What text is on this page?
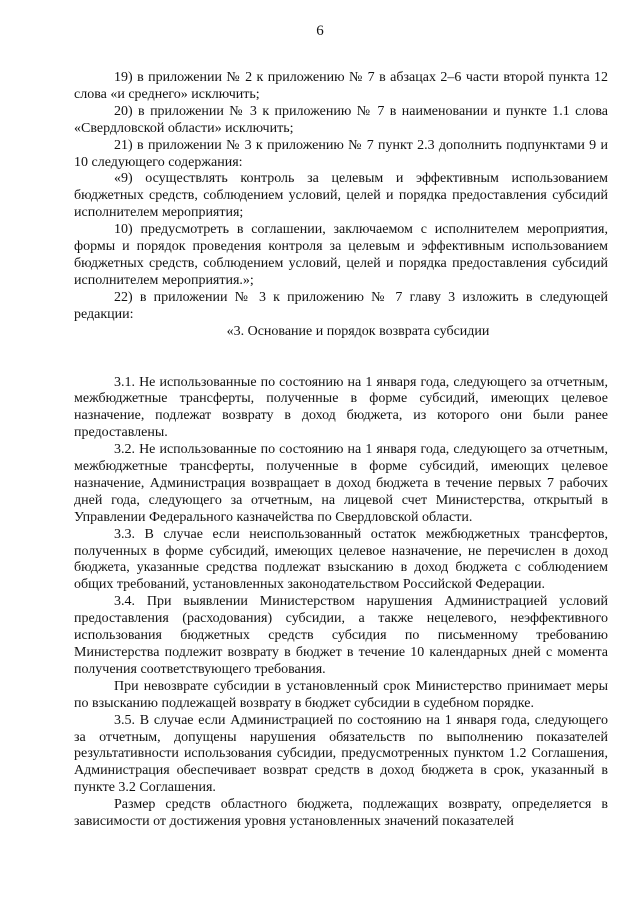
6

19) в приложении № 2 к приложению № 7 в абзацах 2–6 части второй пункта 12 слова «и среднего» исключить;

20) в приложении № 3 к приложению № 7 в наименовании и пункте 1.1 слова «Свердловской области» исключить;

21) в приложении № 3 к приложению № 7 пункт 2.3 дополнить подпунктами 9 и 10 следующего содержания:

«9) осуществлять контроль за целевым и эффективным использованием бюджетных средств, соблюдением условий, целей и порядка предоставления субсидий исполнителем мероприятия;

10) предусмотреть в соглашении, заключаемом с исполнителем мероприятия, формы и порядок проведения контроля за целевым и эффективным использованием бюджетных средств, соблюдением условий, целей и порядка предоставления субсидий исполнителем мероприятия.»;

22) в приложении № 3 к приложению № 7 главу 3 изложить в следующей редакции:

«3. Основание и порядок возврата субсидии

3.1. Не использованные по состоянию на 1 января года, следующего за отчетным, межбюджетные трансферты, полученные в форме субсидий, имеющих целевое назначение, подлежат возврату в доход бюджета, из которого они были ранее предоставлены.

3.2. Не использованные по состоянию на 1 января года, следующего за отчетным, межбюджетные трансферты, полученные в форме субсидий, имеющих целевое назначение, Администрация возвращает в доход бюджета в течение первых 7 рабочих дней года, следующего за отчетным, на лицевой счет Министерства, открытый в Управлении Федерального казначейства по Свердловской области.

3.3. В случае если неиспользованный остаток межбюджетных трансфертов, полученных в форме субсидий, имеющих целевое назначение, не перечислен в доход бюджета, указанные средства подлежат взысканию в доход бюджета с соблюдением общих требований, установленных законодательством Российской Федерации.

3.4. При выявлении Министерством нарушения Администрацией условий предоставления (расходования) субсидии, а также нецелевого, неэффективного использования бюджетных средств субсидия по письменному требованию Министерства подлежит возврату в бюджет в течение 10 календарных дней с момента получения соответствующего требования.

При невозврате субсидии в установленный срок Министерство принимает меры по взысканию подлежащей возврату в бюджет субсидии в судебном порядке.

3.5. В случае если Администрацией по состоянию на 1 января года, следующего за отчетным, допущены нарушения обязательств по выполнению показателей результативности использования субсидии, предусмотренных пунктом 1.2 Соглашения, Администрация обеспечивает возврат средств в доход бюджета в срок, указанный в пункте 3.2 Соглашения.

Размер средств областного бюджета, подлежащих возврату, определяется в зависимости от достижения уровня установленных значений показателей
